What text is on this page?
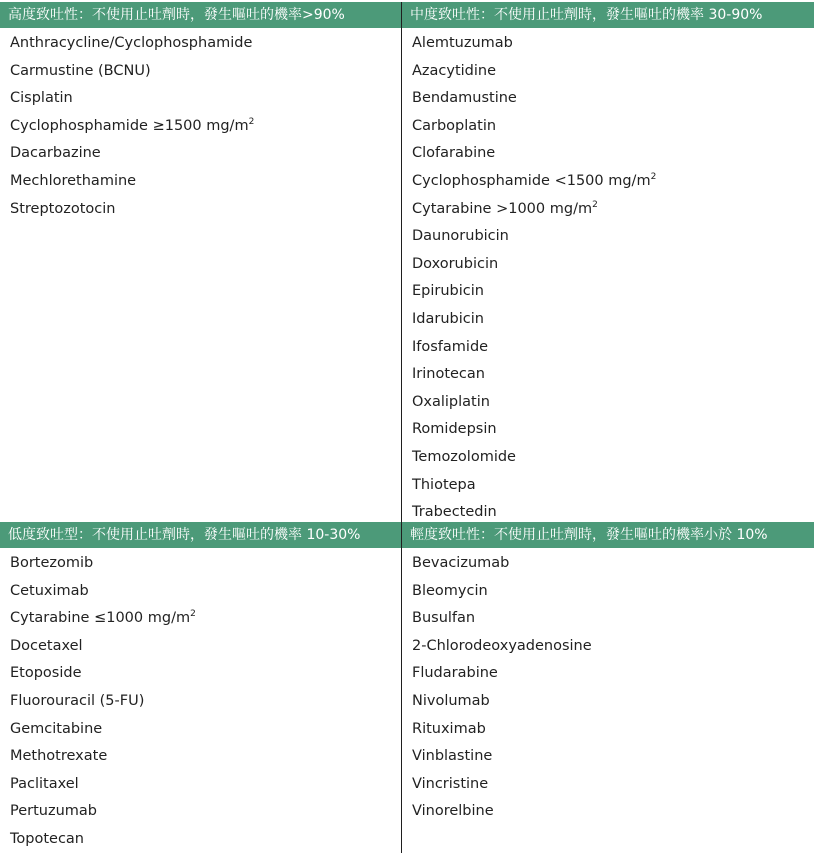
高度致吐性：不使用止吐劑時，發生嘔吐的機率>90%
Anthracycline/Cyclophosphamide
Carmustine (BCNU)
Cisplatin
Cyclophosphamide ≥1500 $mg/m^2$
Dacarbazine
Mechlorethamine
Streptozotocin
中度致吐性：不使用止吐劑時，發生嘔吐的機率 30-90%
Alemtuzumab
Azacytidine
Bendamustine
Carboplatin
Clofarabine
Cyclophosphamide <1500 $mg/m^2$
Cytarabine >1000 $mg/m^2$
Daunorubicin
Doxorubicin
Epirubicin
Idarubicin
Ifosfamide
Irinotecan
Oxaliplatin
Romidepsin
Temozolomide
Thiotepa
Trabectedin
低度致吐型：不使用止吐劑時，發生嘔吐的機率 10-30%
Bortezomib
Cetuximab
Cytarabine ≤1000 $mg/m^2$
Docetaxel
Etoposide
Fluorouracil (5-FU)
Gemcitabine
Methotrexate
Paclitaxel
Pertuzumab
Topotecan
輕度致吐性：不使用止吐劑時，發生嘔吐的機率小於 10%
Bevacizumab
Bleomycin
Busulfan
2-Chlorodeoxyadenosine
Fludarabine
Nivolumab
Rituximab
Vinblastine
Vincristine
Vinorelbine
